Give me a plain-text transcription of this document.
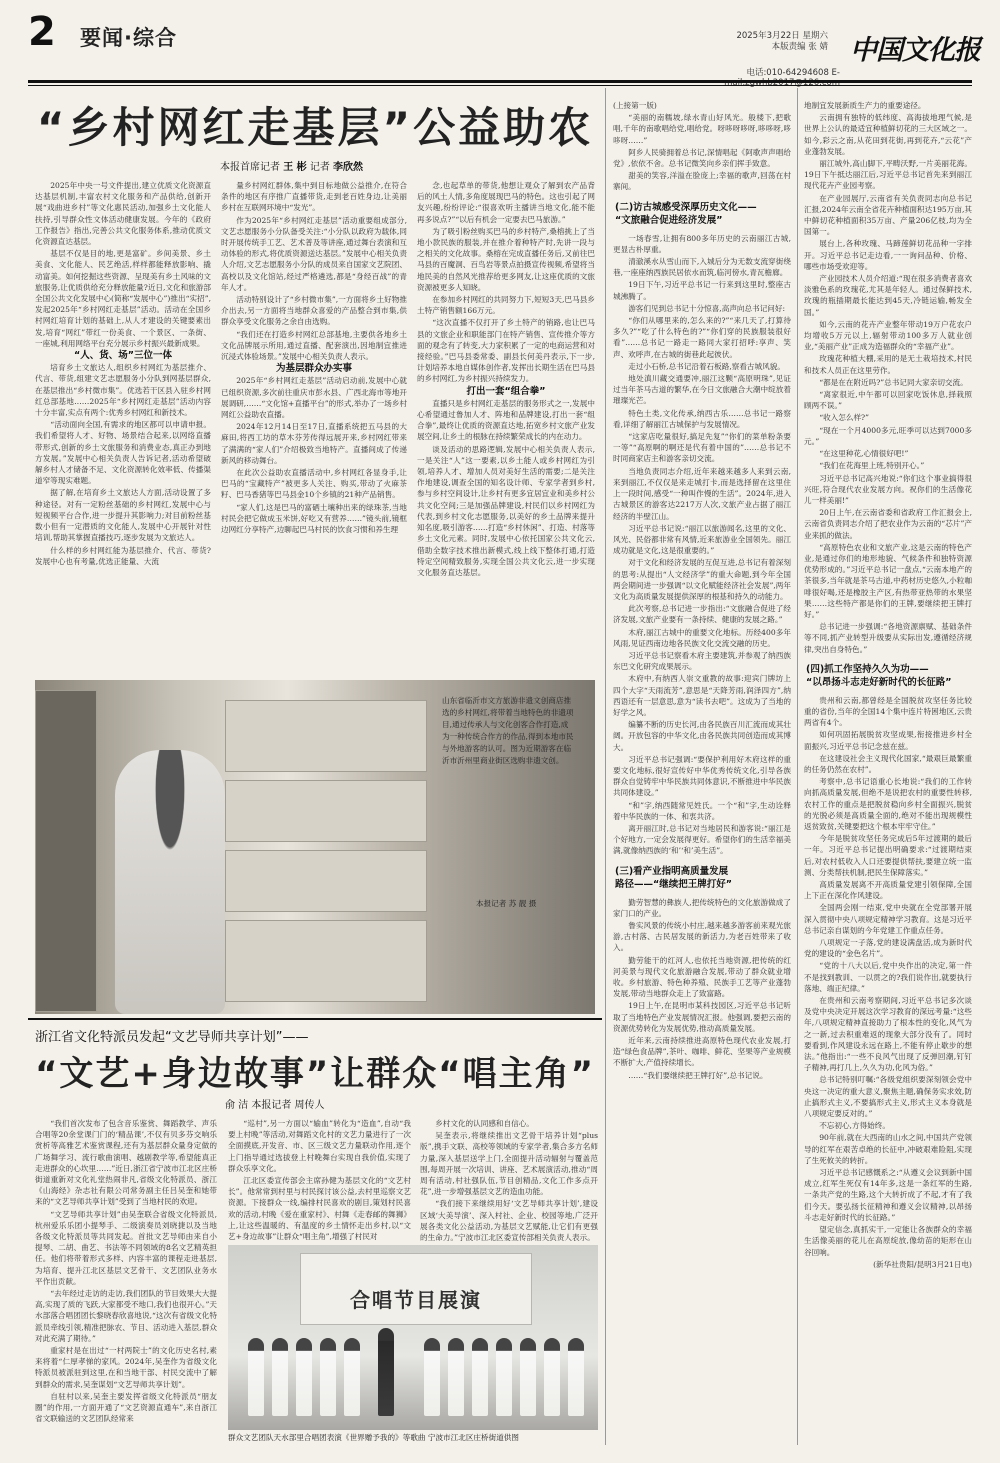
2 要闻·综合	2025年3月22日 星期六
本版责编 张 婧
电话:010-64294608 E-mail:zgwhb2017@126.com
中国文化报
“乡村网红走基层”公益助农
本报首席记者 王 彬 记者 李欣然

2025年中央一号文件提出,建立优质文化资源直达基层机制,丰富农村文化服务和产品供给,创新开展“戏曲进乡村”等文化惠民活动,加强乡土文化能人扶持,引导群众性文体活动健康发展。今年的《政府工作报告》指出,完善公共文化服务体系,推动优质文化资源直达基层。

基层不仅是目的地,更是富矿。乡间美景、乡土美食、文化能人、民艺绝活,样样都能释放影响、撬动富美。如何挖掘这些资源、呈现美有乡土风味的文旅服务,让优质供给充分释放能量?近日,文化和旅游部全国公共文化发展中心(简称“发展中心”)推出“实招”,发起2025年“乡村网红走基层”活动。活动在全国乡村网红培育计划的基础上,从人才建设的关键要素出发,培育“网红”带红一份美食、一个景区、一条街、一座城,利用网络平台充分展示乡村振兴最新成果。

“人、货、场”三位一体

培育乡土文旅达人,组织乡村网红为基层推介、代言、带货,组建文艺志愿服务小分队到网基层群众,在基层推出“乡村微市集”。优选若干区县入驻乡村网红总部基地……2025年“乡村网红走基层”活动内容十分丰富,实点有两个:优秀乡村网红和新技术。

“活动面向全国,有需求的地区都可以申请申报。我们希望将人才、好物、场景结合起来,以网络直播带形式,创新的乡土文旅服务和消费业态,真正办到地方发展。”发展中心相关负责人告诉记者,活动希望破解乡村人才储备不足、文化资源转化效率低、传播渠道窄等现实难题。

据了解,在培育乡土文旅达人方面,活动设置了多种途径。对有一定粉丝基础的乡村网红,发展中心与短视频平台合作,进一步提升其影响力;对目前粉丝基数小但有一定潜质的文化能人,发展中心开展针对性培训,帮助其掌握直播技巧,逐步发展为文旅达人。

什么样的乡村网红能为基层推介、代言、带货?发展中心也有考量,优选正能量、大流

量乡村网红群体,集中到目标地做公益推介,在符合条件的地区有序推广直播带货,走到老百姓身边,让美丽乡村在互联网环境中“发光”。

作为2025年“乡村网红走基层”活动重要组成部分,文艺志愿服务小分队备受关注:“小分队以政府为载体,同时开展传统手工艺、艺术普及等讲座,通过舞台表演和互动体验的形式,将优质资源送达基层。”发展中心相关负责人介绍,文艺志愿服务小分队的成员来自国家文艺院团、高校以及文化馆站,经过严格遴选,都是“身经百战”的青年人才。

活动特别设计了“乡村微市集”,一方面将乡土好物推介出去,另一方面将当地群众喜爱的产品整合到市集,供群众享受文化服务之余自由选购。

“我们还在打造乡村网红总部基地,主要供各地乡土文化品牌展示所用,通过直播、配套演出,因地制宜推进沉浸式体验场景。”发展中心相关负责人表示。

为基层群众办实事

2025年“乡村网红走基层”活动启动前,发展中心就已组织资源,多次前往重庆市彭水县、广西北海市等地开展调研,……“文化馆+直播平台”的形式,举办了一场乡村网红公益助农直播。

2024年12月14日至17日,直播系统把五马县的大麻田,将西工坊的草木芬芳传得远展开来,乡村网红带来了满满的“家人们”介绍极致当地特产。直播间成了传递新风的移动舞台。

在此次公益助农直播活动中,乡村网红各显身手,让巴马的“宝藏特产”被更多人关注、购买,带动了火麻茶籽、巴马香猪等巴马县金10个乡镇的21种产品销售。

“家人们,这是巴马的富硒土壤种出来的绿珠茶,当地村民会把它做成玉米饼,好吃又有营养……”镜头前,镜框边网红分享特产,边聊起巴马村民的饮食习惯和养生理

念,也起草单的带货,他想让观众了解到农产品背后的风土人情,多角度展现巴马的特色。这也引起了网友兴趣,纷纷评论:“很喜欢听主播讲当地文化,能不能再多说点?”“以后有机会一定要去巴马旅游。”

为了吸引粉丝购买巴马的乡村特产,桑榕挑上了当地小款民族的服装,并在推介着种特产时,先讲一段与之相关的文化故事。桑榕在完成直播任务后,又前往巴马县的百魔洞、百鸟岩等景点拍摄宣传视频,希望将当地民美的自然风光推荐给更多网友,让这座优质的文旅资源被更多人知晓。

在参加乡村网红的共同努力下,短短3天,巴马县乡土特产销售额166万元。

“这次直播不仅打开了乡土特产的销路,也让巴马县的文旅企业和职能部门在特产销售、宣传推介等方面的观念有了转变,大力家积累了一定的电商运营和对接经验。”巴马县委常委、副县长何美丹表示,下一步,计划培养本地自媒体创作者,发挥出长期生活在巴马县的乡村网红,为乡村振兴持续发力。

打出一套“组合拳”

直播只是乡村网红走基层的服务形式之一,发展中心希望通过鲁加人才、阵地和品牌建设,打出一套“组合拳”,最终让优质的资源直达地,拓宽乡村文旅产业发展空间,让乡土的根脉在持续繁荣成长的内在动力。

谈及活动的思路逻辑,发展中心相关负责人表示,一是关注“人”这一要素,以乡土能人或乡村网红为引领,培养人才、增加人员对美好生活的需要;二是关注作地建设,调查全国的知名设计师、专家学者到乡村,参与乡村空间设计,让乡村有更多宜居宜业和美乡村公共文化空间;三是加强品牌建设,村民们以乡村网红为代表,到乡村文化志愿服务,以美好的乡土品牌来提升知名度,吸引游客……打造“乡村休闲”、打造、村落等乡土文化元素。同时,发展中心依托国家公共文化云,借助全数字技术推出新模式,线上线下整体打通,打造特定空间精致服务,实现全国公共文化云,进一步实现文化服务直达基层。

山东省临沂市文方旅游非遗文创商店推选的乡村网红,将带着当地特色的非遗项目,通过传承人与文化创客合作打造,成为一种传统合作方的作品,得到本地市民与外地游客的认可。图为近期游客在临沂市沂州里商业街区选购非遗文创。
本报记者 苏 靓 摄
浙江省文化特派员发起“文艺导师共享计划”——
“文艺+身边故事”让群众“唱主角”
俞 洁 本报记者 周传人

“我们首次发布了包含音乐鉴赏、舞蹈教学、声乐合唱等20余堂课门门的‘精品课’,不仅有贝多芬交响乐赏析等高雅艺术鉴赏课程,还有为基层群众量身定做的广场舞学习、流行歌曲演唱、越剧教学等,希望能真正走进群众的心坎里……”近日,浙江省宁波市江北区庄桥街道重新对文化礼堂热闹非凡,省级文化特派员、浙江《山海经》杂志社有限公司常务副主任吕吴奎和她带来的“文艺导师共享计划”受到了当地村民的欢迎。

“文艺导师共享计划”由吴奎联合省级文化特派员,杭州爱乐乐团小提琴手、二级演奏员刘晓捷以及当地各级文化特派员等共同发起。首批文艺导师由来自小提琴、二胡、曲艺、书法等不同领域的8名文艺精英担任。他们将带着形式多样、内容丰富的课程走进基层,为培育、提升江北区基层文艺骨干、文艺团队业务水平作出贡献。

“去年经过走访的走访,我们团队的节目效果大大提高,实现了质的飞跃,大家都受不地口,我们也很开心。”天水部落合唱团团长黎晓春欣喜地说,“这次有省级文化特派员牵线引领,精准把脉农、节目、活动进入基层,群众对此充满了期待。”

重家村是在出过“一村两院士”的文化历史名村,素来将着“仁厚孝悌的家风。2024年,吴奎作为省级文化特派员被派驻到这里,在和当地干部、村民交流中了解到群众的需求,吴奎谋划“文艺导师共享计划”。

自驻村以来,吴奎主要发挥省级文化特派员“朋友圈”的作用,一方面开通了“文艺资源直通车”,来自浙江省文联输送的文艺团队经常来

“巡村”,另一方面以“输血”转化为“造血”,自动“我要上村晚”等活动,对舞蹈文化村的文艺力量进行了一次全面摸底,开发音、市、区三级文艺力量联动作用,逐个上门指导通过选拔登上村晚舞台实现自我价值,实现了群众乐享文化。

江北区委宣传部会主席孙健为基层文化的“文艺村长”。他常常到村里与村民探讨该公益,去村里巡察文艺资源。下接群众一线,编排村民喜欢的剧目,策划村民喜欢的活动,村晚《爱在重家村》、村舞《走春邮的舞狮》上,让这些温暖的、有温度的乡土情怀走出乡村,以“文艺+身边故事”让群众“唱主角”,增强了村民对

乡村文化的认同感和自信心。

吴奎表示,将继续推出文艺骨干培养计划“plus版”,携手文联、高校等领域的专家学者,集合多方名师力量,深入基层送学上门,全面提升活动辐射与覆盖范围,每周开展一次培训、讲座、艺术展演活动,推动“周周有活动,村社强队伍,节目创精品,文化工作多点开花”,进一步增强基层文艺的造血功能。

“我们接下来继续用好‘文艺导师共享计划’,建设区域‘大美导演’、深入村社、企业、校园等地,广泛开展各类文化公益活动,为基层文艺赋能,让它们有更强的生命力。”宁波市江北区委宣传部相关负责人表示。

合唱节目展演
群众文艺团队天水部里合唱团表演《世界赠予我的》等歌曲 宁波市江北区庄桥街道供图

(上接第一版)

“美丽的南糯坡,绿水青山好风光。般楼下,把歌唱,千年的南歌唱给党,唱给党。呀哆呀哆呀,哆哆呀,哆哆呀……”

阿乡人民骑拥着总书记,深情唱起《阿歌声声唱给党》,依依不舍。总书记微笑向乡亲们挥手致意。

甜美的笑容,洋溢在脸庞上;幸福的歌声,回荡在村寨间。

(二)访古城感受深厚历史文化——
“文旅融合促进经济发展”

一场春雪,让拥有800多年历史的云南丽江古城,更显古朴厚重。

清澈溪水从雪山而下,入城后分为无数支流穿街绕巷,一座座纳西族民居依水而筑,临河傍水,青瓦檐廊。

19日下午,习近平总书记一行来到这里时,整座古城沸腾了。

游客们见到总书记十分惊喜,高声向总书记问好:

“你们从哪里来的,怎么来的?”“来几天了,打算待多久?”“吃了什么特色的?”“你们穿的民族服装很好看”……总书记一路走一路同大家打招呼:享声、笑声、欢呼声,在古城的街巷此起彼伏。

走过小石桥,总书记沿着石板路,察看古城风貌。

地处滇川藏交通要冲,丽江这颗“高原明珠”,见证过当年茶马古道的繁华,在今日文旅融合大潮中绽放着璀璨光芒。

特色土类,文化传承,纳西古乐……总书记一路察看,详细了解丽江古城保护与发展情况。

“这家店吃量很好,搞足先复”“你们的菜单粉条要一等”“高原啊的啊还是代有着中国的”……总书记不时同商家店主和游客亲切交流。

当地负责同志介绍,近年来越来越多人来到云南,来到丽江,不仅仅是来走城打卡,而是选择留在这里住上一段时间,感受“一种叫作慢的生活”。2024年,进入古城景区的游客达2217万人次,文旅产业占据了丽江经济的半壁江山。

习近平总书记说:“丽江以旅游闻名,这里的文化、风光、民俗都非常有风情,近来旅游业全国领先。丽江成功就是文化,这是很重要的。”

对于文化和经济发展的互促互进,总书记有着深刻的思考:从提出“人文经济学”的重大命题,到今年全国两会期间进一步强调“以文化赋能经济社会发展”,两年文化为高质量发展提供深厚的根基和持久的动能力。

此次考察,总书记进一步指出:“文旅融合促进了经济发展,文旅产业要有一条持续、健康的发展之路。”

木府,丽江古城中的重要文化地标。历经400多年风雨,见证西南边地各民族文化交流交融的历史。

习近平总书记察看木府主要建筑,并参观了纳西族东巴文化研究成果展示。

木府中,有纳西人崇文重教的故事:迎宾门牌坊上四个大字“天雨流芳”,意思是“天降芳雨,润泽四方”,纳西语还有一层意思,意为“读书去吧”。这成为了当地的好学之风。

编纂不断的历史长河,由各民族百川汇流而成其壮阔。开放包容的中华文化,由各民族共同创造而成其博大。

习近平总书记强调:“要保护利用好木府这样的重要文化地标,很好宣传好中华优秀传统文化,引导各族群众自觉铸牢中华民族共同体意识,不断推进中华民族共同体建设。”

“和”字,纳西随常见姓氏。一个“和”字,生动诠释着中华民族的一体、和衷共济。

离开丽江时,总书记对当地居民和游客说:“丽江是个好地方,一定会发展得更好。希望你们的生活幸福美满,就像纳西族的‘和’‘和’美生活”。

(三)看产业指明高质量发展
路径——“继续把王牌打好”

勤劳智慧的彝族人,把传统特色的文化旅游做成了家门口的产业。

鲁实风景的传统小村庄,越来越多游客前来观光旅游,古村落、古民居发展的新活力,为老百姓带来了收入。

勤劳能干的红河人,也依托当地资源,把传统的红河美景与现代文化旅游融合发展,带动了群众就业增收。乡村旅游、特色种养殖、民族手工艺等产业蓬勃发展,带动当地群众走上了致富路。

19日上午,在昆明市某科技园区,习近平总书记听取了当地特色产业发展情况汇报。他强调,要把云南的资源优势转化为发展优势,推动高质量发展。

近年来,云南持续推进高原特色现代农业发展,打造“绿色食品牌”,茶叶、咖啡、鲜花、坚果等产业规模不断扩大,产值持续增长。

……“我们要继续把王牌打好”,总书记说。

地制宜发展新质生产力的重要途径。

云南拥有独特的低纬度、高海拔地理气候,是世界上公认的最适宜种植鲜切花的三大区域之一。如今,彩云之南,从花田到花街,再到花卉,“云花”产业蓬勃发展。

丽江城外,高山脚下,平畴沃野,一片美丽花海。19日下午抵达丽江后,习近平总书记首先来到丽江现代花卉产业园考察。

在产业园展厅,云南省有关负责同志向总书记汇报,2024年云南全省花卉种植面积达195万亩,其中鲜切花种植面积35万亩、产量206亿枝,均为全国第一。

展台上,各种玫瑰、马蹄莲鲜切花品种一字排开。习近平总书记走边看,一一询问品种、价格、哪些市场受欢迎等。

产业园技术人员介绍道:“现在很多消费者喜欢淡雅色系的玫瑰花,尤其是年轻人。通过保鲜技术,玫瑰的瓶插期最长能达到45天,冷链运输,畅发全国。”

如今,云南的花卉产业整年带动19万户花农户均增收5万元以上,辐射带动100多万人就业创业,“美丽产业”正成为造福群众的“幸福产业”。

玫瑰花种植大棚,采用的是无土栽培技术,村民和技术人员正在这里劳作。

“都是在在附近吗?”总书记同大家亲切交流。

“离家很近,中午都可以回家吃饭休息,择栽照顾两不误。”

“收入怎么样?”

“现在一个月4000多元,旺季可以达到7000多元。”

“在这里种花,心情很好吧!”

“我们在花海里上班,特别开心。”

习近平总书记高兴地说:“你们这个事业搞得很兴旺,符合现代农业发展方向。祝你们的生活像花儿一样美丽!”

20日上午,在云南省委和省政府工作汇报会上,云南省负责同志介绍了把农业作为云南的“芯片”产业来抓的做法。

“高原特色农业和文旅产业,这是云南的特色产业,是通过你们的地形地貌、气候条件和独特资源优势形成的。”习近平总书记一盘点,“云南本地产的茶很多,当年就是茶马古道,中药材历史悠久,小粒咖啡很好喝,还是橡胶主产区,有热带亚热带的水果坚果……这些特产都是你们的王牌,要继续把王牌打好。”

总书记进一步强调:“各地资源禀赋、基础条件等不同,抓产业转型升级要从实际出发,遵循经济规律,突出自身特色。”

(四)抓工作坚持久久为功——
“以昂扬斗志走好新时代的长征路”

贵州和云南,都曾经是全国脱贫攻坚任务比较重的省份,当年的全国14个集中连片特困地区,云贵两省有4个。

如何巩固拓展脱贫攻坚成果,衔接推进乡村全面振兴,习近平总书记念兹在兹。

在这建设社会主义现代化国家,“最艰巨最繁重的任务仍然在农村”。

考察中,总书记语重心长地说:“我们的工作转向抓高质量发展,但绝不是说把农村的重要性转移,农村工作的重点是把脱贫稳向乡村全面振兴,脱贫的光脱必须是高质量全面的,绝对不能出现规模性返贫致贫,关键要把这个根本牢牢守住。”

今年是脱贫攻坚任务完成后5年过渡期的最后一年。习近平总书记提出明确要求:“过渡期结束后,对农村低收入人口还要提供帮扶,要建立统一监测、分类帮扶机制,把民生保障落实。”

高质量发展离不开高质量党建引领保障,全国上下正在深化作风建设。

全国两会刚一结束,党中央就在全党部署开展深入贯彻中央八项规定精神学习教育。这是习近平总书记亲自谋划的今年党建工作重点任务。

八项规定一子落,党的建设满盘活,成为新时代党的建设的“金色名片”。

“党的十八大以后,党中央作出的决定,第一件不是找到教训、一以贯之的?我们说作出,就要执行落地、端正纪律。”

在贵州和云南考察期间,习近平总书记多次谈及党中央决定开展这次学习教育的深远考量:“这些年,八项规定精神直接助力了根本性的变化,风气为之一新,过去积重难返的现象大部分没有了。同时要看到,作风建设永远在路上,不能有停止歇步的想法。”他指出:“一些不良风气出现了反弹回潮,钉钉子精神,再打几上,久久为功,化风为俗。”

总书记特别叮嘱:“各级党组织要深刻领会党中央这一决定的重大意义,聚焦主题,确保务实求效,防止搞形式主义,不要搞形式主义,形式主义本身就是八项规定要反对的。”

不忘初心,方得始终。

90年前,就在大西南的山水之间,中国共产党领导的红军在艰苦卓绝的长征中,冲破艰难险阻,实现了生死攸关的转折。

习近平总书记感慨系之:“从遵义会议到新中国成立,红军生死仅有14年多,这是一条红军的生路,一条共产党的生路,这个大转折成了不起,才有了我们今天。要弘扬长征精神和遵义会议精神,以昂扬斗志走好新时代的长征路。”

望定信念,真抓实干,一定能让各族群众的幸福生活像美丽的花儿在高原绽放,像幼苗的矩形在山谷回响。

(新华社贵阳/昆明3月21日电)
